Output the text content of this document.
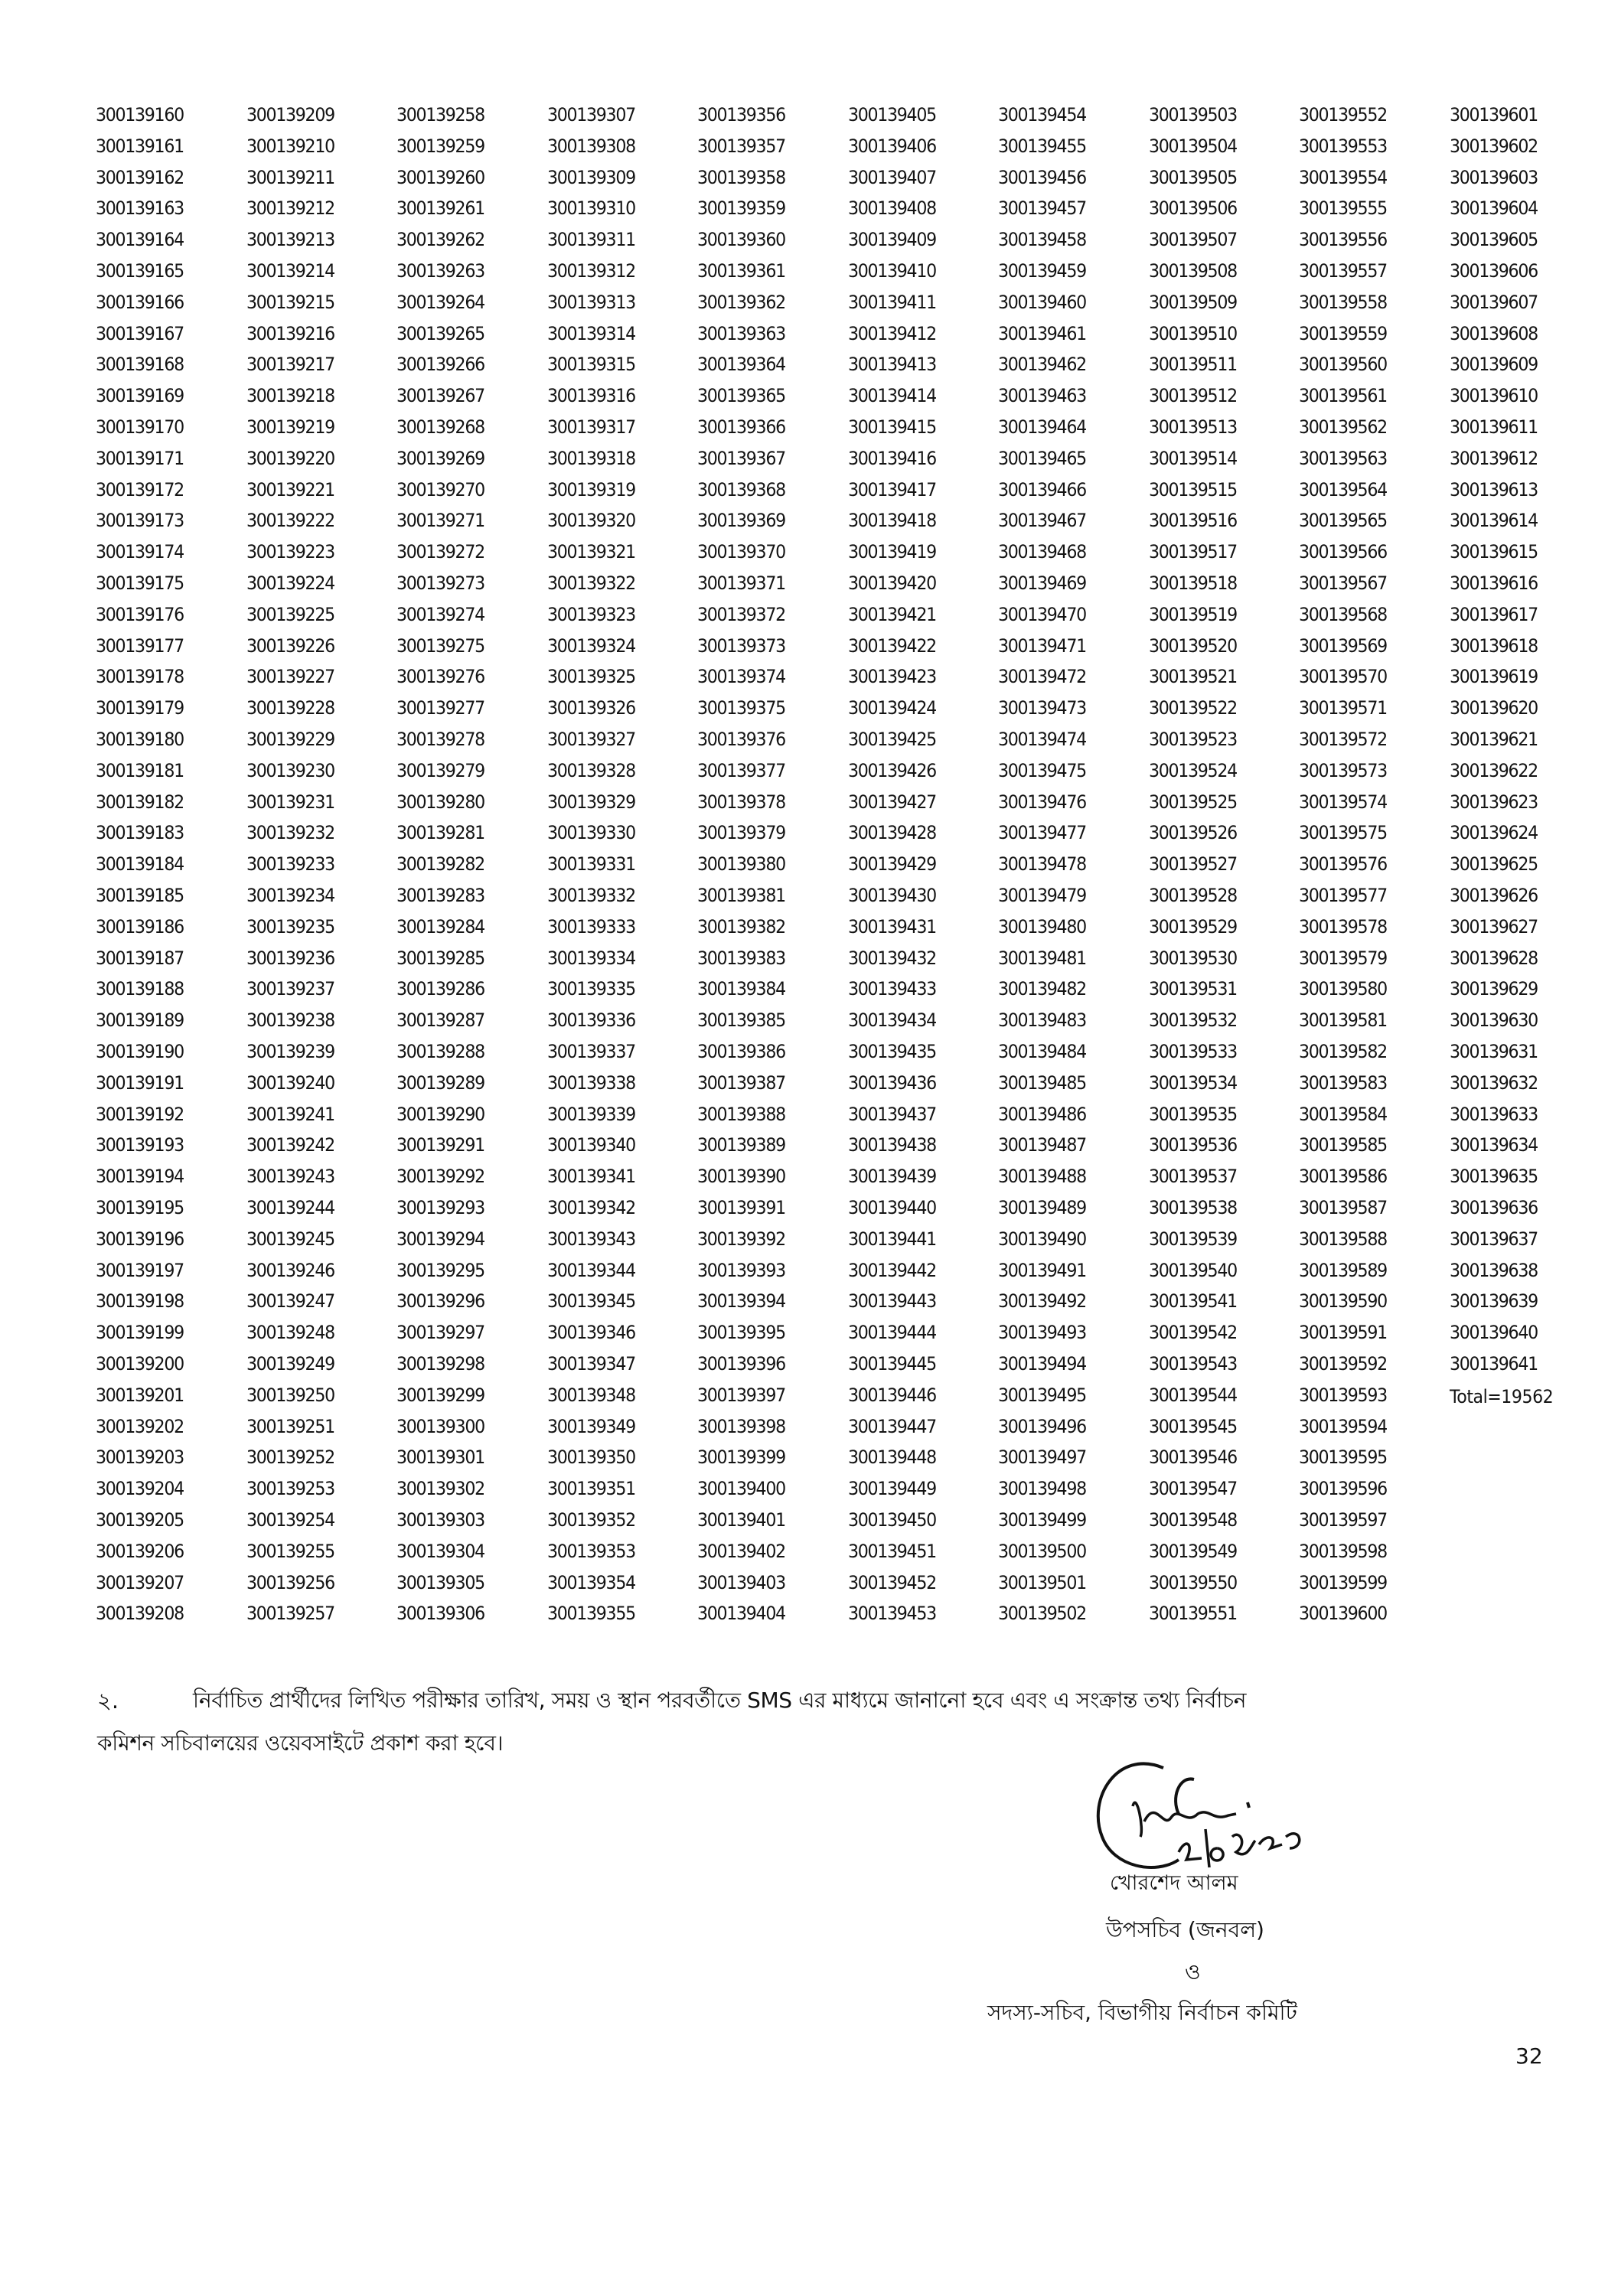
300139160
300139161
300139162
300139163
300139164
300139165
300139166
300139167
300139168
300139169
300139170
300139171
300139172
300139173
300139174
300139175
300139176
300139177
300139178
300139179
300139180
300139181
300139182
300139183
300139184
300139185
300139186
300139187
300139188
300139189
300139190
300139191
300139192
300139193
300139194
300139195
300139196
300139197
300139198
300139199
300139200
300139201
300139202
300139203
300139204
300139205
300139206
300139207
300139208
300139209
300139210
300139211
300139212
300139213
300139214
300139215
300139216
300139217
300139218
300139219
300139220
300139221
300139222
300139223
300139224
300139225
300139226
300139227
300139228
300139229
300139230
300139231
300139232
300139233
300139234
300139235
300139236
300139237
300139238
300139239
300139240
300139241
300139242
300139243
300139244
300139245
300139246
300139247
300139248
300139249
300139250
300139251
300139252
300139253
300139254
300139255
300139256
300139257
300139258
300139259
300139260
300139261
300139262
300139263
300139264
300139265
300139266
300139267
300139268
300139269
300139270
300139271
300139272
300139273
300139274
300139275
300139276
300139277
300139278
300139279
300139280
300139281
300139282
300139283
300139284
300139285
300139286
300139287
300139288
300139289
300139290
300139291
300139292
300139293
300139294
300139295
300139296
300139297
300139298
300139299
300139300
300139301
300139302
300139303
300139304
300139305
300139306
300139307
300139308
300139309
300139310
300139311
300139312
300139313
300139314
300139315
300139316
300139317
300139318
300139319
300139320
300139321
300139322
300139323
300139324
300139325
300139326
300139327
300139328
300139329
300139330
300139331
300139332
300139333
300139334
300139335
300139336
300139337
300139338
300139339
300139340
300139341
300139342
300139343
300139344
300139345
300139346
300139347
300139348
300139349
300139350
300139351
300139352
300139353
300139354
300139355
300139356
300139357
300139358
300139359
300139360
300139361
300139362
300139363
300139364
300139365
300139366
300139367
300139368
300139369
300139370
300139371
300139372
300139373
300139374
300139375
300139376
300139377
300139378
300139379
300139380
300139381
300139382
300139383
300139384
300139385
300139386
300139387
300139388
300139389
300139390
300139391
300139392
300139393
300139394
300139395
300139396
300139397
300139398
300139399
300139400
300139401
300139402
300139403
300139404
300139405
300139406
300139407
300139408
300139409
300139410
300139411
300139412
300139413
300139414
300139415
300139416
300139417
300139418
300139419
300139420
300139421
300139422
300139423
300139424
300139425
300139426
300139427
300139428
300139429
300139430
300139431
300139432
300139433
300139434
300139435
300139436
300139437
300139438
300139439
300139440
300139441
300139442
300139443
300139444
300139445
300139446
300139447
300139448
300139449
300139450
300139451
300139452
300139453
300139454
300139455
300139456
300139457
300139458
300139459
300139460
300139461
300139462
300139463
300139464
300139465
300139466
300139467
300139468
300139469
300139470
300139471
300139472
300139473
300139474
300139475
300139476
300139477
300139478
300139479
300139480
300139481
300139482
300139483
300139484
300139485
300139486
300139487
300139488
300139489
300139490
300139491
300139492
300139493
300139494
300139495
300139496
300139497
300139498
300139499
300139500
300139501
300139502
300139503
300139504
300139505
300139506
300139507
300139508
300139509
300139510
300139511
300139512
300139513
300139514
300139515
300139516
300139517
300139518
300139519
300139520
300139521
300139522
300139523
300139524
300139525
300139526
300139527
300139528
300139529
300139530
300139531
300139532
300139533
300139534
300139535
300139536
300139537
300139538
300139539
300139540
300139541
300139542
300139543
300139544
300139545
300139546
300139547
300139548
300139549
300139550
300139551
300139552
300139553
300139554
300139555
300139556
300139557
300139558
300139559
300139560
300139561
300139562
300139563
300139564
300139565
300139566
300139567
300139568
300139569
300139570
300139571
300139572
300139573
300139574
300139575
300139576
300139577
300139578
300139579
300139580
300139581
300139582
300139583
300139584
300139585
300139586
300139587
300139588
300139589
300139590
300139591
300139592
300139593
300139594
300139595
300139596
300139597
300139598
300139599
300139600
300139601
300139602
300139603
300139604
300139605
300139606
300139607
300139608
300139609
300139610
300139611
300139612
300139613
300139614
300139615
300139616
300139617
300139618
300139619
300139620
300139621
300139622
300139623
300139624
300139625
300139626
300139627
300139628
300139629
300139630
300139631
300139632
300139633
300139634
300139635
300139636
300139637
300139638
300139639
300139640
300139641
Total=19562
২.	নির্বাচিত প্রার্থীদের লিখিত পরীক্ষার তারিখ, সময় ও স্থান পরবর্তীতে SMS এর মাধ্যমে জানানো হবে এবং এ সংক্রান্ত তথ্য নির্বাচন
কমিশন সচিবালয়ের ওয়েবসাইটে প্রকাশ করা হবে।
খোরশেদ আলম
উপসচিব (জনবল)
ও
সদস্য-সচিব, বিভাগীয় নির্বাচন কমিটি
32
